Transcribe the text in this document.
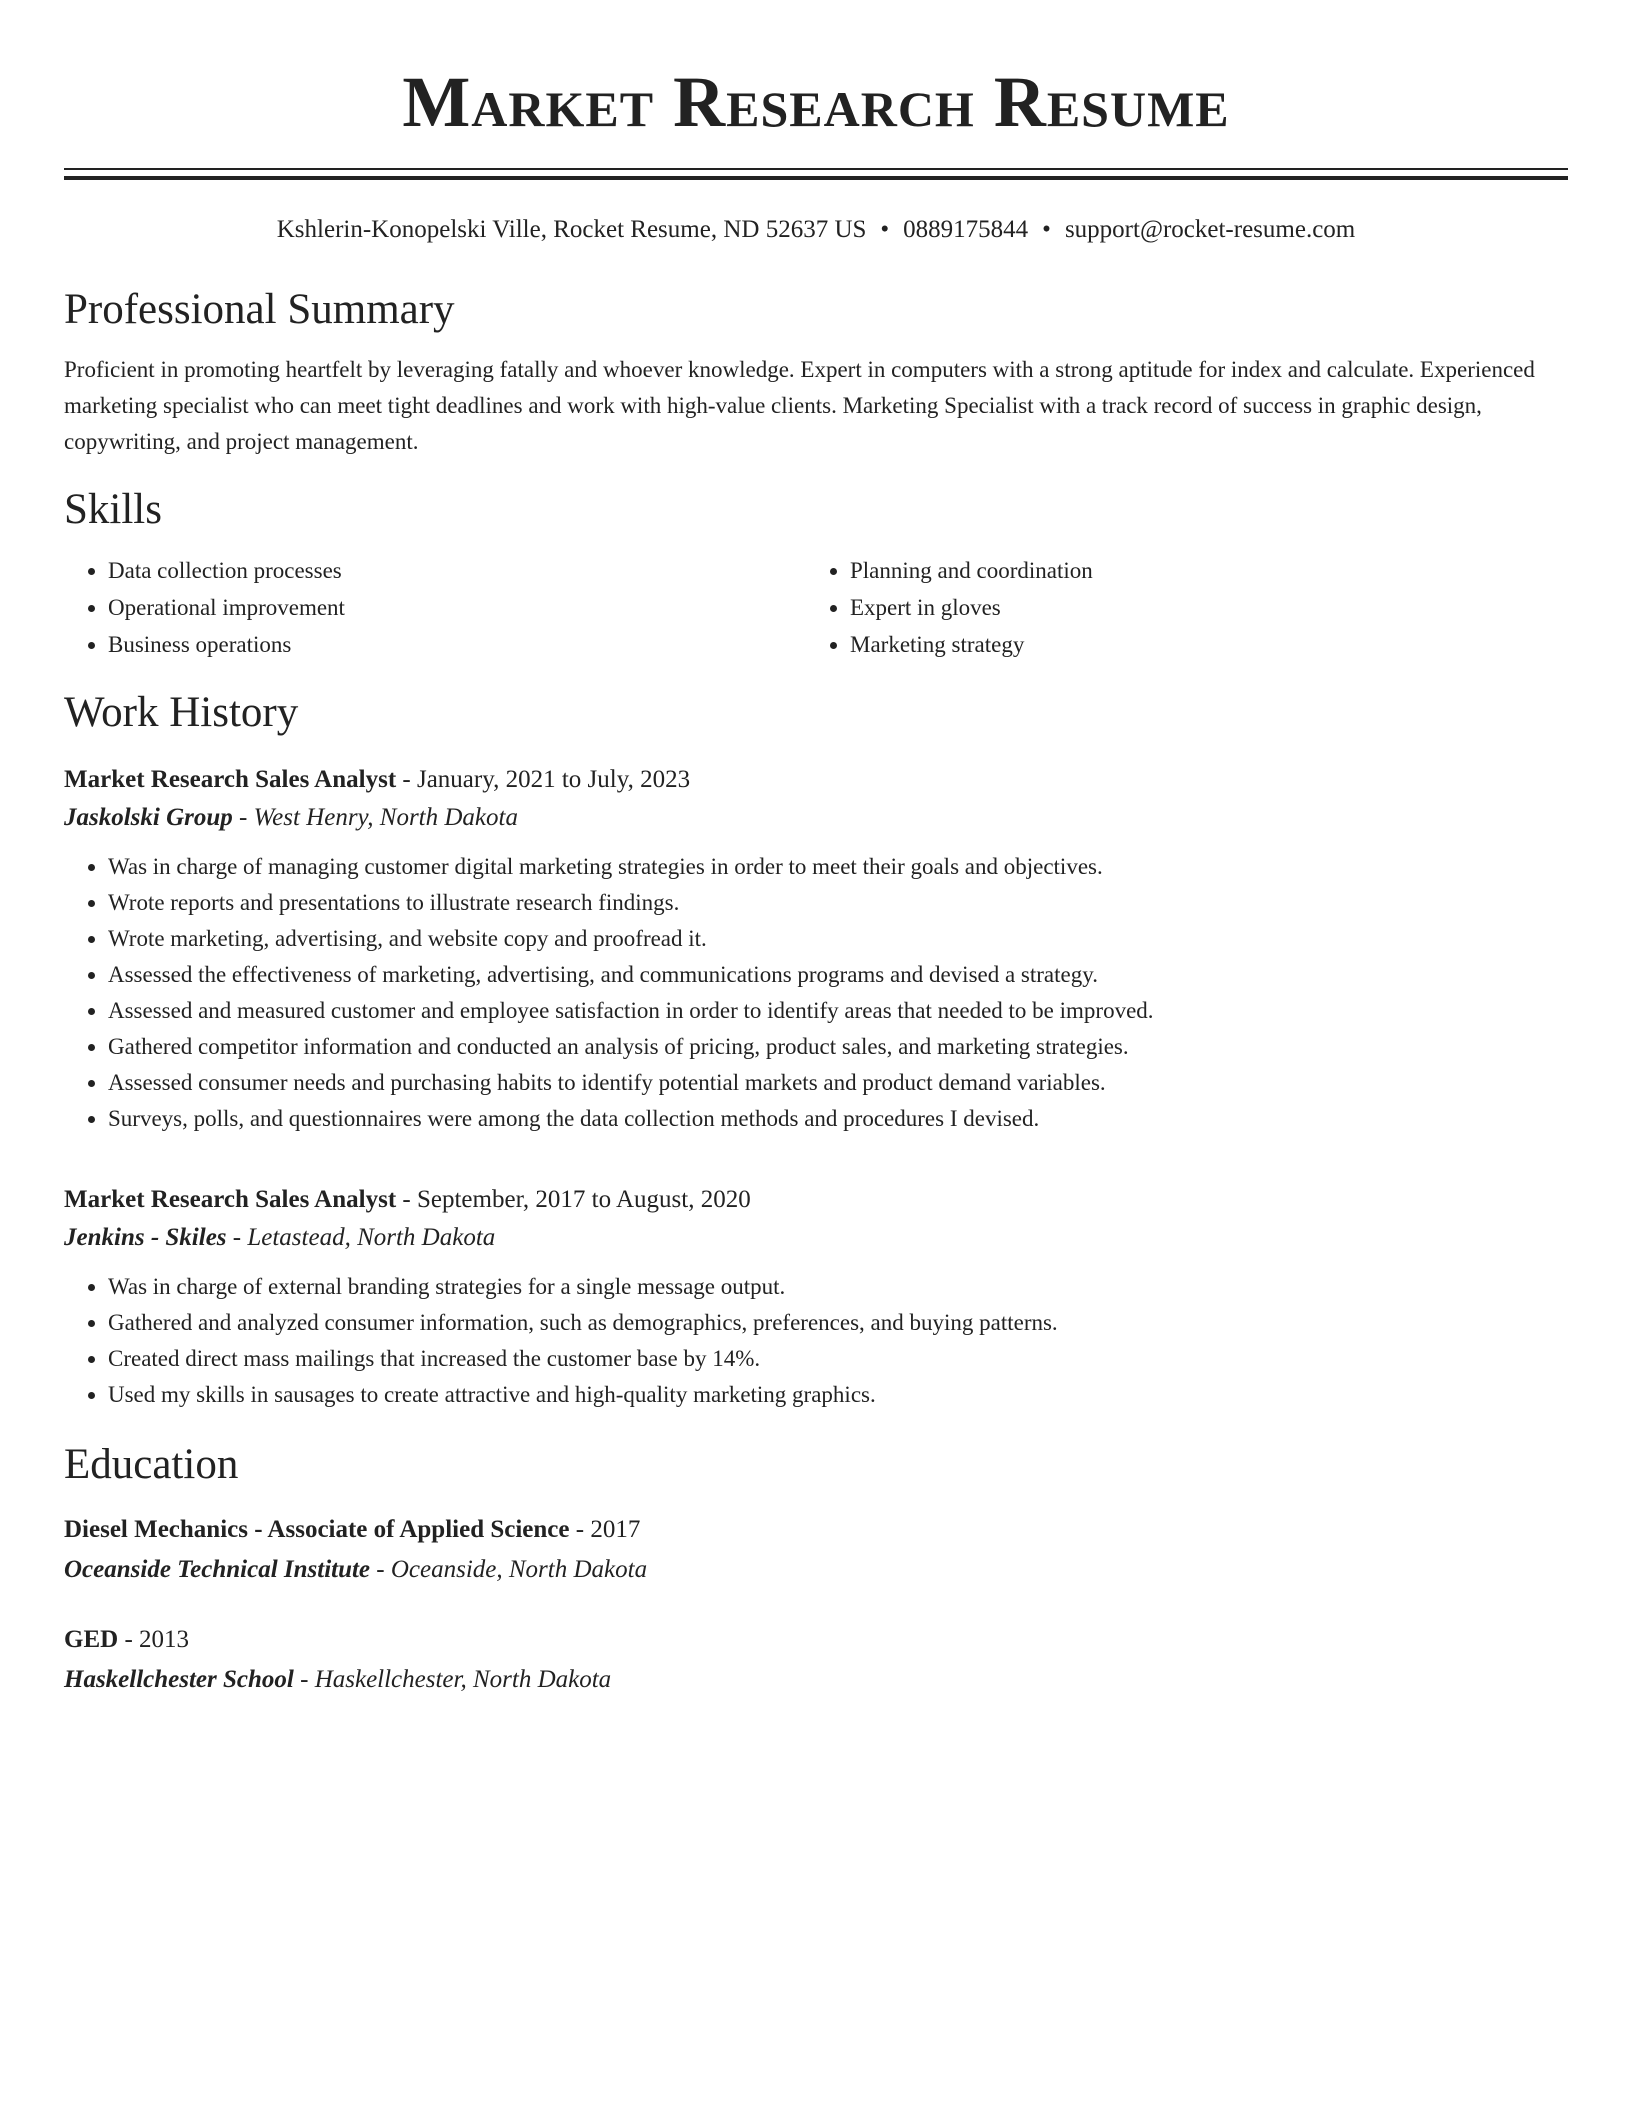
Market Research Resume
Kshlerin-Konopelski Ville, Rocket Resume, ND 52637 US • 0889175844 • support@rocket-resume.com
Professional Summary
Proficient in promoting heartfelt by leveraging fatally and whoever knowledge. Expert in computers with a strong aptitude for index and calculate. Experienced marketing specialist who can meet tight deadlines and work with high-value clients. Marketing Specialist with a track record of success in graphic design, copywriting, and project management.
Skills
• Data collection processes
• Operational improvement
• Business operations
• Planning and coordination
• Expert in gloves
• Marketing strategy
Work History
Market Research Sales Analyst - January, 2021 to July, 2023
Jaskolski Group - West Henry, North Dakota
• Was in charge of managing customer digital marketing strategies in order to meet their goals and objectives.
• Wrote reports and presentations to illustrate research findings.
• Wrote marketing, advertising, and website copy and proofread it.
• Assessed the effectiveness of marketing, advertising, and communications programs and devised a strategy.
• Assessed and measured customer and employee satisfaction in order to identify areas that needed to be improved.
• Gathered competitor information and conducted an analysis of pricing, product sales, and marketing strategies.
• Assessed consumer needs and purchasing habits to identify potential markets and product demand variables.
• Surveys, polls, and questionnaires were among the data collection methods and procedures I devised.
Market Research Sales Analyst - September, 2017 to August, 2020
Jenkins - Skiles - Letastead, North Dakota
• Was in charge of external branding strategies for a single message output.
• Gathered and analyzed consumer information, such as demographics, preferences, and buying patterns.
• Created direct mass mailings that increased the customer base by 14%.
• Used my skills in sausages to create attractive and high-quality marketing graphics.
Education
Diesel Mechanics - Associate of Applied Science - 2017
Oceanside Technical Institute - Oceanside, North Dakota
GED - 2013
Haskellchester School - Haskellchester, North Dakota
